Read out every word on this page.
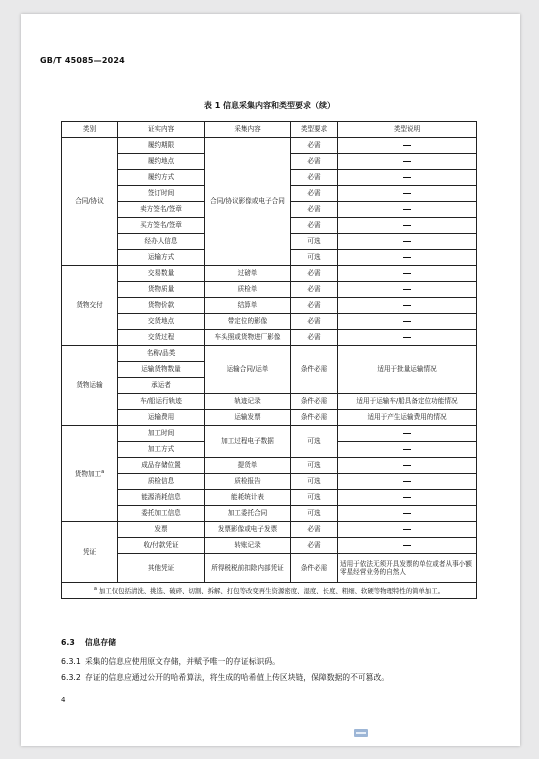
GB/T 45085—2024
表 1 信息采集内容和类型要求（续）
类别	证实内容	采集内容	类型要求	类型说明
合同/协议	履约期限	合同/协议影像或电子合同	必需	
	履约地点		必需	
	履约方式		必需	
	签订时间		必需	
	卖方签名/签章		必需	
	买方签名/签章		必需	
	经办人信息		可选	
	运输方式		可选	
货物交付	交易数量	过磅单	必需	
	货物质量	质检单	必需	
	货物价款	结算单	必需	
	交货地点	带定位的影像	必需	
	交货过程	车头照或货物进厂影像	必需	
货物运输	名称/品类	运输合同/运单	条件必需	适用于批量运输情况
	运输货物数量			
	承运者			
	车/船运行轨迹	轨迹记录	条件必需	适用于运输车/船具备定位功能情况
	运输费用	运输发票	条件必需	适用于产生运输费用的情况
货物加工$^a$	加工时间	加工过程电子数据	可选	
	加工方式			
	成品存储位置	提货单	可选	
	质检信息	质检报告	可选	
	能源消耗信息	能耗统计表	可选	
	委托加工信息	加工委托合同	可选	
凭证	发票	发票影像或电子发票	必需	
	收/付款凭证	转账记录	必需	
	其他凭证	所得税税前扣除内部凭证	条件必需	适用于依法无须开具发票的单位或者从事小额零星经营业务的自然人
$^a$ 加工仅包括清洗、挑选、破碎、切割、拆解、打包等改变再生资源密度、湿度、长度、粗细、软硬等物理特性的简单加工。				
6.3 信息存储
6.3.1 采集的信息应使用原文存储，并赋予唯一的存证标识码。
6.3.2 存证的信息应通过公开的哈希算法，将生成的哈希值上传区块链，保障数据的不可篡改。
4
